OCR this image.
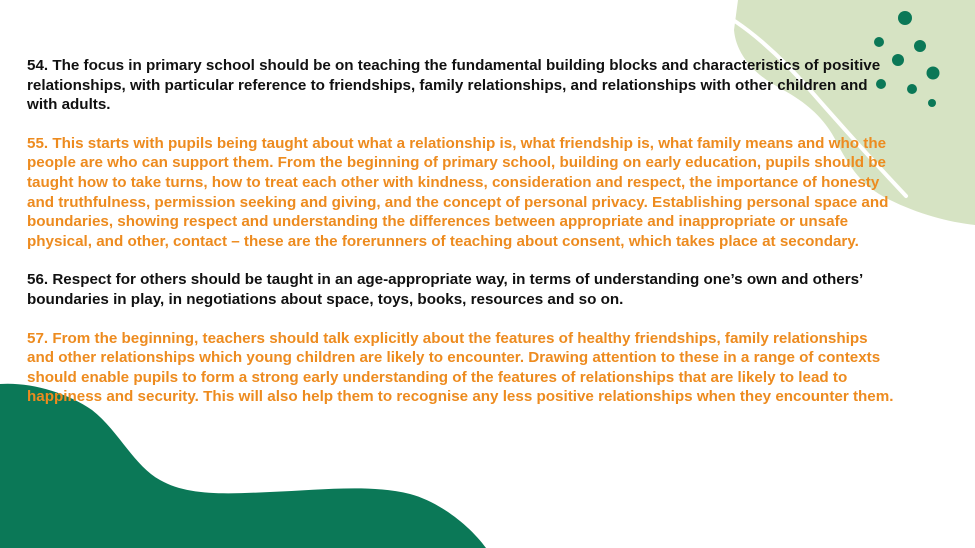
54. The focus in primary school should be on teaching the fundamental building blocks and characteristics of positive relationships, with particular reference to friendships, family relationships, and relationships with other children and with adults.

55. This starts with pupils being taught about what a relationship is, what friendship is, what family means and who the people are who can support them. From the beginning of primary school, building on early education, pupils should be taught how to take turns, how to treat each other with kindness, consideration and respect, the importance of honesty and truthfulness, permission seeking and giving, and the concept of personal privacy. Establishing personal space and boundaries, showing respect and understanding the differences between appropriate and inappropriate or unsafe physical, and other, contact – these are the forerunners of teaching about consent, which takes place at secondary.

56. Respect for others should be taught in an age-appropriate way, in terms of understanding one’s own and others’ boundaries in play, in negotiations about space, toys, books, resources and so on.

57. From the beginning, teachers should talk explicitly about the features of healthy friendships, family relationships and other relationships which young children are likely to encounter. Drawing attention to these in a range of contexts should enable pupils to form a strong early understanding of the features of relationships that are likely to lead to happiness and security. This will also help them to recognise any less positive relationships when they encounter them.
